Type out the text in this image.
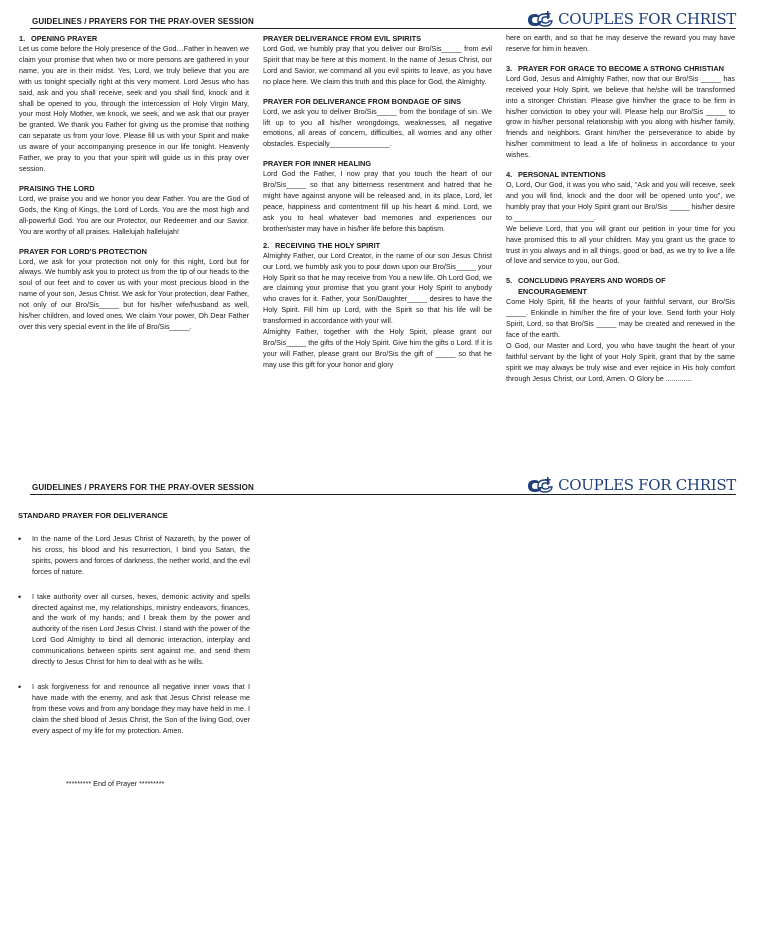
GUIDELINES / PRAYERS FOR THE PRAY-OVER SESSION	COUPLES FOR CHRIST
1. OPENING PRAYER

Let us come before the Holy presence of the God…Father in heaven we claim your promise that when two or more persons are gathered in your name, you are in their midst. Yes, Lord, we truly believe that you are with us tonight specially right at this very moment. Lord Jesus who has said, ask and you shall receive, seek and you shall find, knock and it shall be opened to you, through the intercession of Holy Virgin Mary, your most Holy Mother, we knock, we seek, and we ask that our prayer be granted. We thank you Father for giving us the promise that nothing can separate us from your love. Please fill us with your Spirit and make us aware of your accompanying presence in our life tonight. Heavenly Father, we pray to you that your spirit will guide us in this pray over session.

PRAISING THE LORD

Lord, we praise you and we honor you dear Father. You are the God of Gods, the King of Kings, the Lord of Lords. You are the most high and all-powerful God. You are our Protector, our Redeemer and our Savior. You are worthy of all praises. Hallelujah hallelujah!

PRAYER FOR LORD'S PROTECTION

Lord, we ask for your protection not only for this night, Lord but for always. We humbly ask you to protect us from the tip of our heads to the soul of our feet and to cover us with your most precious blood in the name of your son, Jesus Christ. We ask for Your protection, dear Father, not only of our Bro/Sis_____ but for his/her wife/husband as well, his/her children, and loved ones. We claim Your power, Oh Dear Father over this very special event in the life of Bro/Sis_____.

PRAYER DELIVERANCE FROM EVIL SPIRITS

Lord God, we humbly pray that you deliver our Bro/Sis_____ from evil Spirit that may be here at this moment. In the name of Jesus Christ, our Lord and Savior, we command all you evil spirits to leave, as you have no place here. We claim this truth and this place for God, the Almighty.

PRAYER FOR DELIVERANCE FROM BONDAGE OF SINS

Lord, we ask you to deliver Bro/Sis_____ from the bondage of sin. We lift up to you all his/her wrongdoings, weaknesses, all negative emotions, all areas of concern, difficulties, all worries and any other obstacles. Especially_______________.

PRAYER FOR INNER HEALING

Lord God the Father, I now pray that you touch the heart of our Bro/Sis_____ so that any bitterness resentment and hatred that he might have against anyone will be released and, in its place, Lord, let peace, happiness and contentment fill up his heart & mind. Lord, we ask you to heal whatever bad memories and experiences our brother/sister may have in his/her life before this baptism.

2. RECEIVING THE HOLY SPIRIT

Almighty Father, our Lord Creator, in the name of our son Jesus Christ our Lord, we humbly ask you to pour down upon our Bro/Sis_____ your Holy Spirit so that he may receive from You a new life. Oh Lord God, we are claiming your promise that you grant your Holy Spirit to anybody who craves for it. Father, your Son/Daughter_____ desires to have the Holy Spirit. Fill him up Lord, with the Spirit so that his life will be transformed in accordance with your will.

Almighty Father, together with the Holy Spirit, please grant our Bro/Sis_____ the gifts of the Holy Spirit. Give him the gifts o Lord. If it is your will Father, please grant our Bro/Sis the gift of _____ so that he may use this gift for your honor and glory

here on earth, and so that he may deserve the reward you may have reserve for him in heaven.

3. PRAYER FOR GRACE TO BECOME A STRONG CHRISTIAN

Lord God, Jesus and Almighty Father, now that our Bro/Sis _____ has received your Holy Spirit, we believe that he/she will be transformed into a stronger Christian. Please give him/her the grace to be firm in his/her conviction to obey your will. Please help our Bro/Sis _____ to grow in his/her personal relationship with you along with his/her family, friends and neighbors. Grant him/her the perseverance to abide by his/her commitment to lead a life of holiness in accordance to your wishes.

4. PERSONAL INTENTIONS

O, Lord, Our God, it was you who said, "Ask and you will receive, seek and you will find, knock and the door will be opened unto you", we humbly pray that your Holy Spirit grant our Bro/Sis _____ his/her desire to ____________________.

We believe Lord, that you will grant our petition in your time for you have promised this to all your children. May you grant us the grace to trust in you always and in all things, good or bad, as we try to live a life of love and service to you, our God.

5. CONCLUDING PRAYERS AND WORDS OF ENCOURAGEMENT

Come Holy Spirit, fill the hearts of your faithful servant, our Bro/Sis _____. Enkindle in him/her the fire of your love. Send forth your Holy Spirit, Lord, so that Bro/Sis _____ may be created and renewed in the face of the earth.

O God, our Master and Lord, you who have taught the heart of your faithful servant by the light of your Holy Spirit, grant that by the same spirit we may always be truly wise and ever rejoice in His holy comfort through Jesus Christ, our Lord, Amen. O Glory be .............

GUIDELINES / PRAYERS FOR THE PRAY-OVER SESSION	COUPLES FOR CHRIST
STANDARD PRAYER FOR DELIVERANCE
•	In the name of the Lord Jesus Christ of Nazareth, by the power of his cross, his blood and his resurrection, I bind you Satan, the spirits, powers and forces of darkness, the nether world, and the evil forces of nature.
•	I take authority over all curses, hexes, demonic activity and spells directed against me, my relationships, ministry endeavors, finances, and the work of my hands; and I break them by the power and authority of the risen Lord Jesus Christ. I stand with the power of the Lord God Almighty to bind all demonic interaction, interplay and communications between spirits sent against me, and send them directly to Jesus Christ for him to deal with as he wills.
•	I ask forgiveness for and renounce all negative inner vows that I have made with the enemy, and ask that Jesus Christ release me from these vows and from any bondage they may have held in me. I claim the shed blood of Jesus Christ, the Son of the living God, over every aspect of my life for my protection. Amen.
********* End of Prayer *********
